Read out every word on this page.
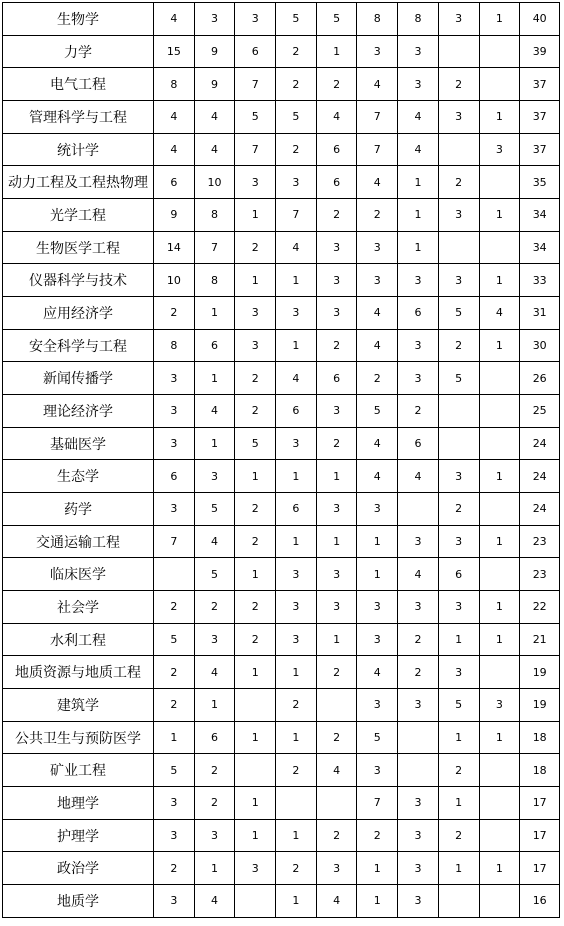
生物学	4	3	3	5	5	8	8	3	1	40
力学	15	9	6	2	1	3	3			39
电气工程	8	9	7	2	2	4	3	2		37
管理科学与工程	4	4	5	5	4	7	4	3	1	37
统计学	4	4	7	2	6	7	4		3	37
动力工程及工程热物理	6	10	3	3	6	4	1	2		35
光学工程	9	8	1	7	2	2	1	3	1	34
生物医学工程	14	7	2	4	3	3	1			34
仪器科学与技术	10	8	1	1	3	3	3	3	1	33
应用经济学	2	1	3	3	3	4	6	5	4	31
安全科学与工程	8	6	3	1	2	4	3	2	1	30
新闻传播学	3	1	2	4	6	2	3	5		26
理论经济学	3	4	2	6	3	5	2			25
基础医学	3	1	5	3	2	4	6			24
生态学	6	3	1	1	1	4	4	3	1	24
药学	3	5	2	6	3	3		2		24
交通运输工程	7	4	2	1	1	1	3	3	1	23
临床医学		5	1	3	3	1	4	6		23
社会学	2	2	2	3	3	3	3	3	1	22
水利工程	5	3	2	3	1	3	2	1	1	21
地质资源与地质工程	2	4	1	1	2	4	2	3		19
建筑学	2	1		2		3	3	5	3	19
公共卫生与预防医学	1	6	1	1	2	5		1	1	18
矿业工程	5	2		2	4	3		2		18
地理学	3	2	1			7	3	1		17
护理学	3	3	1	1	2	2	3	2		17
政治学	2	1	3	2	3	1	3	1	1	17
地质学	3	4		1	4	1	3			16
